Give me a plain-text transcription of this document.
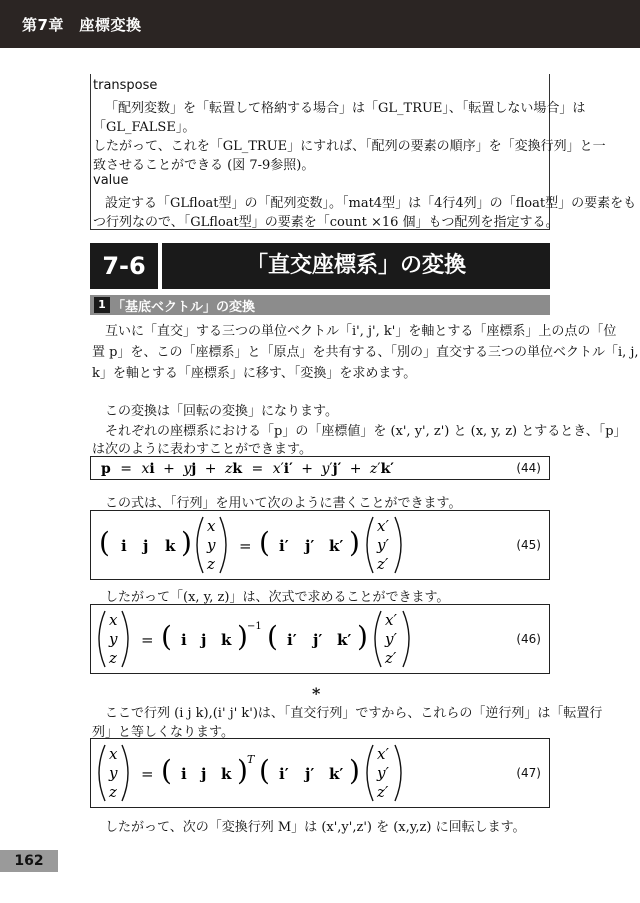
第7章　座標変換

transpose

「配列変数」を「転置して格納する場合」は「GL_TRUE」、「転置しない場合」は

「GL_FALSE」。

したがって、これを「GL_TRUE」にすれば、「配列の要素の順序」を「変換行列」と一

致させることができる (図 7-9参照)。

value

設定する「GLfloat型」の「配列変数」。「mat4型」は「4行4列」の「float型」の要素をも

つ行列なので、「GLfloat型」の要素を「count ×16 個」もつ配列を指定する。

7-6	「直交座標系」の変換
1 「基底ベクトル」の変換

互いに「直交」する三つの単位ベクトル「i', j', k'」を軸とする「座標系」上の点の「位

置 p」を、この「座標系」と「原点」を共有する、「別の」直交する三つの単位ベクトル「i, j,

k」を軸とする「座標系」に移す、「変換」を求めます。

この変換は「回転の変換」になります。

それぞれの座標系における「p」の「座標値」を (x', y', z') と (x, y, z) とするとき、「p」

は次のように表わすことができます。

p = xi + yj + zk = x′i′ + y′j′ + z′k′	(44)

この式は、「行列」を用いて次のように書くことができます。

( i j k ) x
y
z
= ( i′ j′ k′ ) x′
y′
z′
(45)

したがって「(x, y, z)」は、次式で求めることができます。

x
y
z
= ( i j k ) −1 ( i′ j′ k′ ) x′
y′
z′
(46)
*

ここで行列 (i j k),(i' j' k')は、「直交行列」ですから、これらの「逆行列」は「転置行

列」と等しくなります。

x
y
z
= ( i j k ) T ( i′ j′ k′ ) x′
y′
z′
(47)

したがって、次の「変換行列 M」は (x',y',z') を (x,y,z) に回転します。

162
